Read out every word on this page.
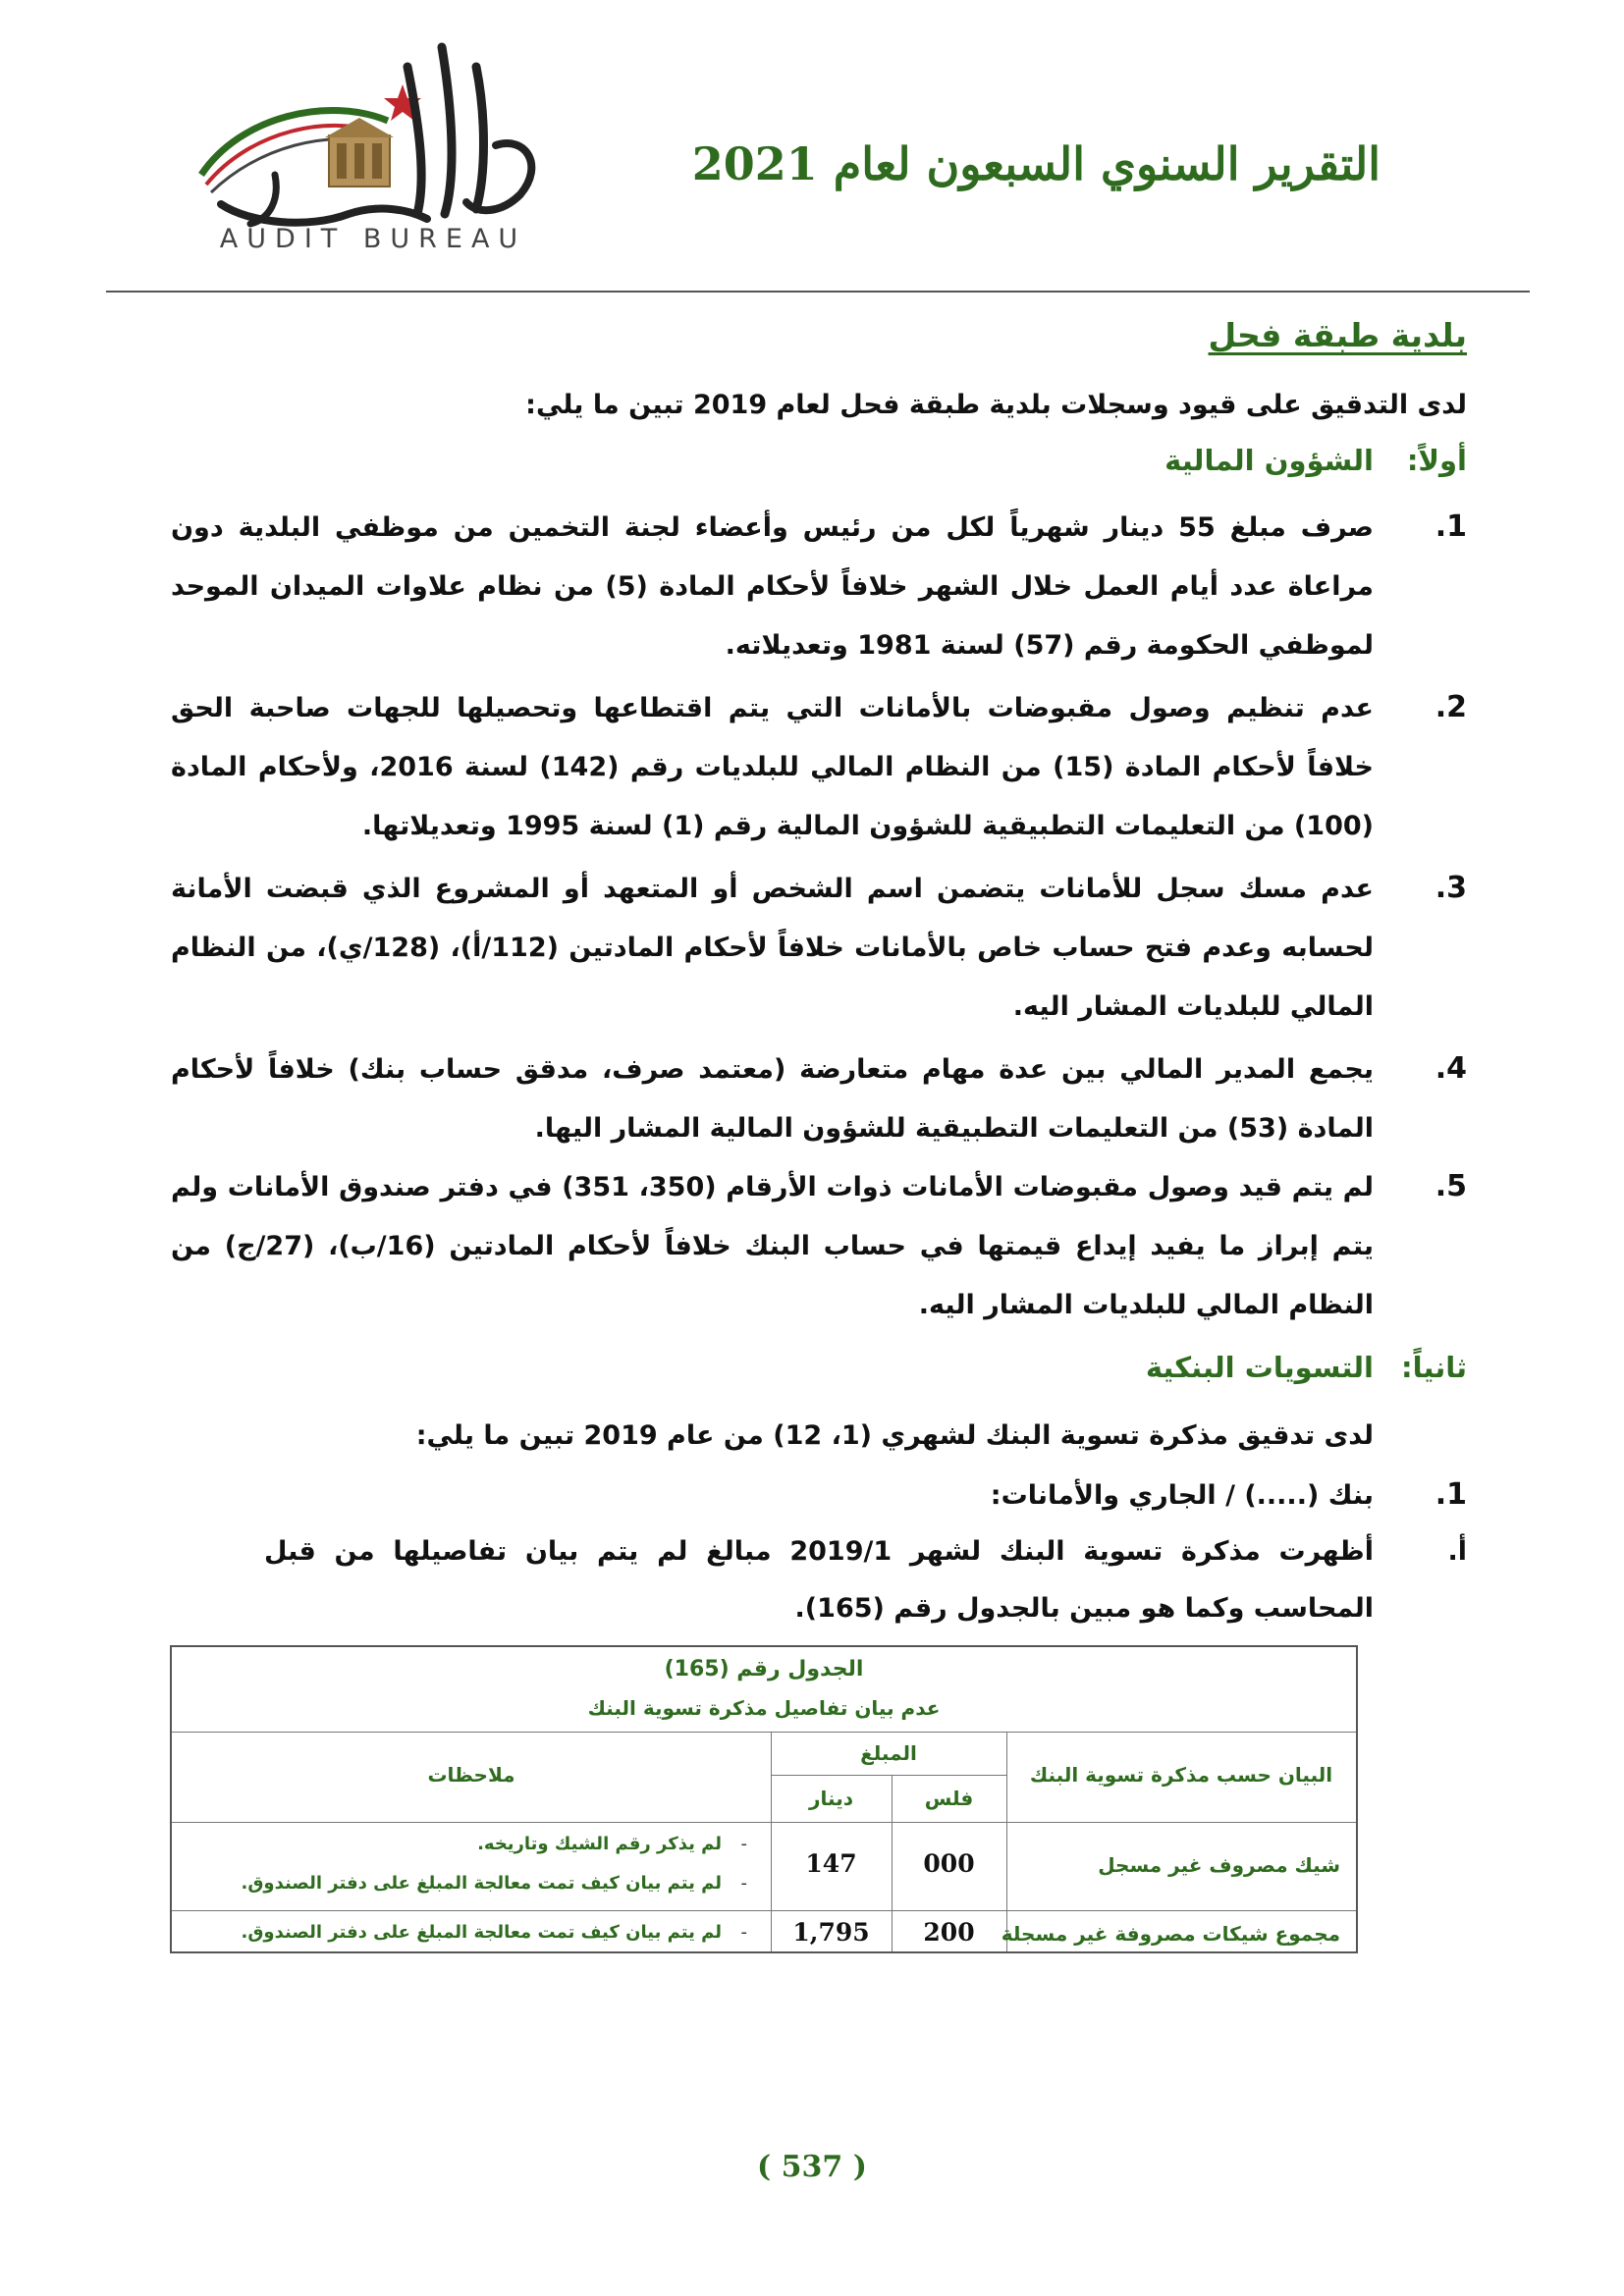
AUDIT BUREAU
التقرير السنوي السبعون لعام 2021
بلدية طبقة فحل
لدى التدقيق على قيود وسجلات بلدية طبقة فحل لعام 2019 تبين ما يلي:
أولاً:الشؤون المالية
1.
صرف مبلغ 55 دينار شهرياً لكل من رئيس وأعضاء لجنة التخمين من موظفي البلدية دون مراعاة عدد أيام العمل خلال الشهر خلافاً لأحكام المادة (5) من نظام علاوات الميدان الموحد لموظفي الحكومة رقم (57) لسنة 1981 وتعديلاته.
2.
عدم تنظيم وصول مقبوضات بالأمانات التي يتم اقتطاعها وتحصيلها للجهات صاحبة الحق خلافاً لأحكام المادة (15) من النظام المالي للبلديات رقم (142) لسنة 2016، ولأحكام المادة (100) من التعليمات التطبيقية للشؤون المالية رقم (1) لسنة 1995 وتعديلاتها.
3.
عدم مسك سجل للأمانات يتضمن اسم الشخص أو المتعهد أو المشروع الذي قبضت الأمانة لحسابه وعدم فتح حساب خاص بالأمانات خلافاً لأحكام المادتين (112/أ)، (128/ي)، من النظام المالي للبلديات المشار اليه.
4.
يجمع المدير المالي بين عدة مهام متعارضة (معتمد صرف، مدقق حساب بنك) خلافاً لأحكام المادة (53) من التعليمات التطبيقية للشؤون المالية المشار اليها.
5.
لم يتم قيد وصول مقبوضات الأمانات ذوات الأرقام (350، 351) في دفتر صندوق الأمانات ولم يتم إبراز ما يفيد إيداع قيمتها في حساب البنك خلافاً لأحكام المادتين (16/ب)، (27/ج) من النظام المالي للبلديات المشار اليه.
ثانياً:التسويات البنكية
لدى تدقيق مذكرة تسوية البنك لشهري (1، 12) من عام 2019 تبين ما يلي:
1.
بنك (.....) / الجاري والأمانات:
أ.
أظهرت مذكرة تسوية البنك لشهر 2019/1 مبالغ لم يتم بيان تفاصيلها من قبل المحاسب وكما هو مبين بالجدول رقم (165).
الجدول رقم (165)
عدم بيان تفاصيل مذكرة تسوية البنك
البيان حسب مذكرة تسوية البنك
المبلغ
فلس
دينار
ملاحظات
شيك مصروف غير مسجل
000
147
لم يذكر رقم الشيك وتاريخه. -
لم يتم بيان كيف تمت معالجة المبلغ على دفتر الصندوق. -
مجموع شيكات مصروفة غير مسجلة
200
1,795
لم يتم بيان كيف تمت معالجة المبلغ على دفتر الصندوق. -
( 537 )
